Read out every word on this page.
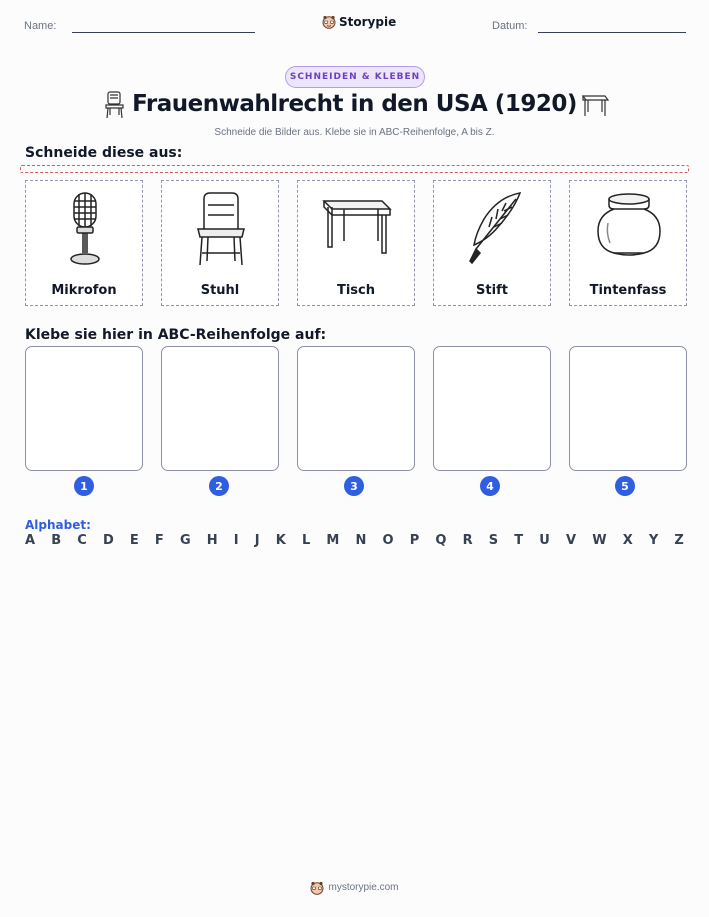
Name:	Storypie	Datum:
SCHNEIDEN & KLEBEN
Frauenwahlrecht in den USA (1920)
Schneide die Bilder aus. Klebe sie in ABC-Reihenfolge, A bis Z.
Schneide diese aus:
Mikrofon	Stuhl	Tisch	Stift	Tintenfass
Klebe sie hier in ABC-Reihenfolge auf:
1	2	3	4	5
Alphabet:
A B C D E F G H I J K L M N O P Q R S T U V W X Y Z
mystorypie.com
